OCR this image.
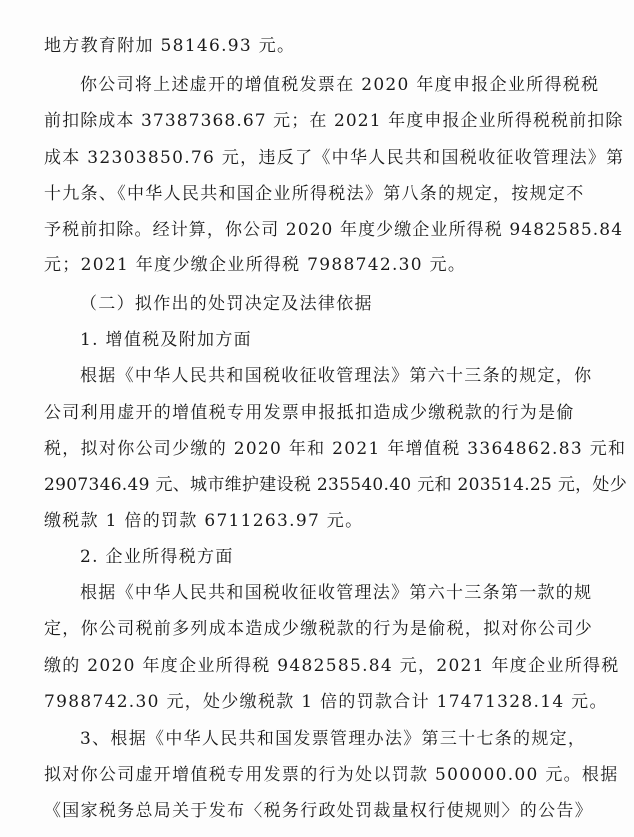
地方教育附加 58146.93 元。
你公司将上述虚开的增值税发票在 2020 年度申报企业所得税税
前扣除成本 37387368.67 元；在 2021 年度申报企业所得税税前扣除
成本 32303850.76 元，违反了《中华人民共和国税收征收管理法》第
十九条、《中华人民共和国企业所得税法》第八条的规定，按规定不
予税前扣除。经计算，你公司 2020 年度少缴企业所得税 9482585.84
元；2021 年度少缴企业所得税 7988742.30 元。
（二）拟作出的处罚决定及法律依据
1. 增值税及附加方面
根据《中华人民共和国税收征收管理法》第六十三条的规定，你
公司利用虚开的增值税专用发票申报抵扣造成少缴税款的行为是偷
税，拟对你公司少缴的 2020 年和 2021 年增值税 3364862.83 元和
2907346.49 元、城市维护建设税 235540.40 元和 203514.25 元，处少
缴税款 1 倍的罚款 6711263.97 元。
2. 企业所得税方面
根据《中华人民共和国税收征收管理法》第六十三条第一款的规
定，你公司税前多列成本造成少缴税款的行为是偷税，拟对你公司少
缴的 2020 年度企业所得税 9482585.84 元，2021 年度企业所得税
7988742.30 元，处少缴税款 1 倍的罚款合计 17471328.14 元。
3、根据《中华人民共和国发票管理办法》第三十七条的规定，
拟对你公司虚开增值税专用发票的行为处以罚款 500000.00 元。根据
《国家税务总局关于发布〈税务行政处罚裁量权行使规则〉的公告》
